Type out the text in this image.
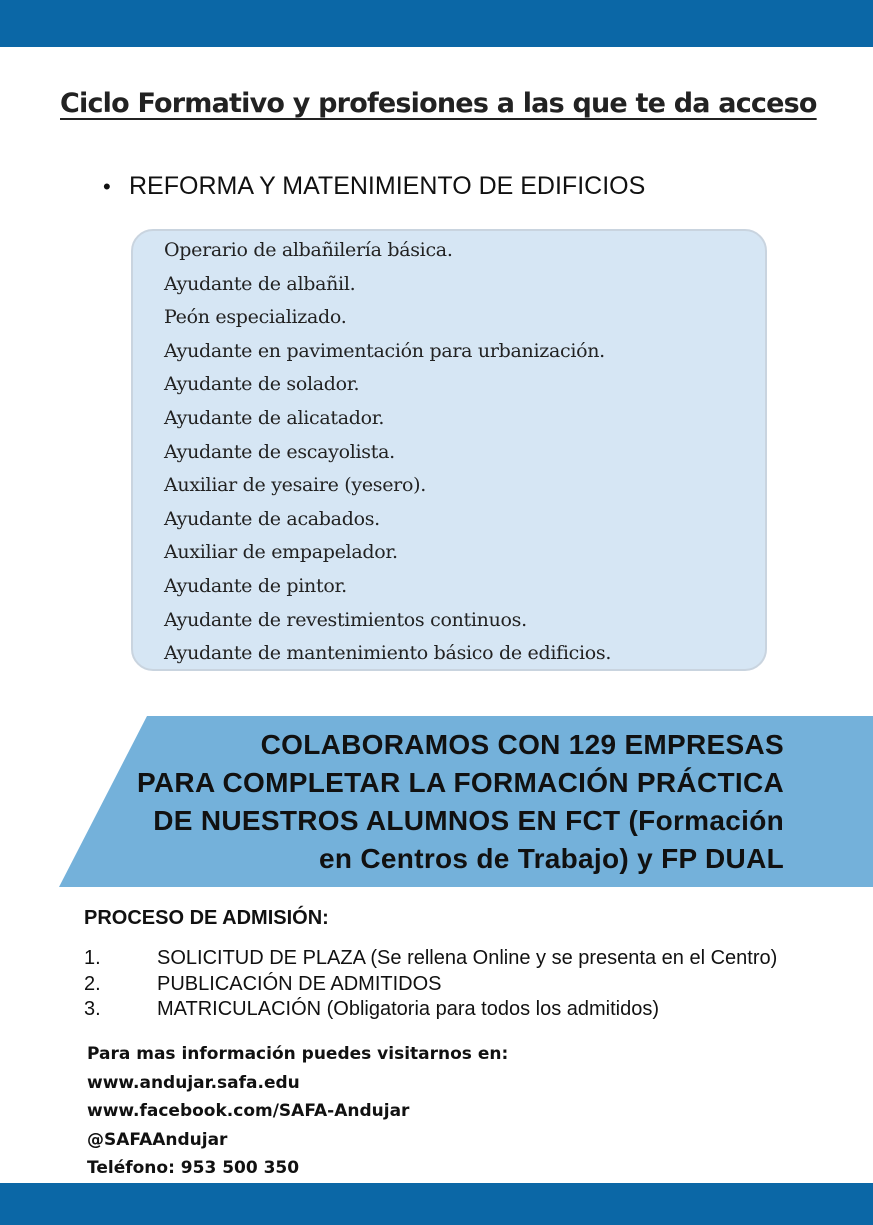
Ciclo Formativo y profesiones a las que te da acceso
• REFORMA Y MATENIMIENTO DE EDIFICIOS
Operario de albañilería básica.
Ayudante de albañil.
Peón especializado.
Ayudante en pavimentación para urbanización.
Ayudante de solador.
Ayudante de alicatador.
Ayudante de escayolista.
Auxiliar de yesaire (yesero).
Ayudante de acabados.
Auxiliar de empapelador.
Ayudante de pintor.
Ayudante de revestimientos continuos.
Ayudante de mantenimiento básico de edificios.
COLABORAMOS CON 129 EMPRESAS
PARA COMPLETAR LA FORMACIÓN PRÁCTICA
DE NUESTROS ALUMNOS EN FCT (Formación
en Centros de Trabajo) y FP DUAL
PROCESO DE ADMISIÓN:
1.	SOLICITUD DE PLAZA (Se rellena Online y se presenta en el Centro)
2.	PUBLICACIÓN DE ADMITIDOS
3.	MATRICULACIÓN (Obligatoria para todos los admitidos)
Para mas información puedes visitarnos en:
www.andujar.safa.edu
www.facebook.com/SAFA-Andujar
@SAFAAndujar
Teléfono: 953 500 350
